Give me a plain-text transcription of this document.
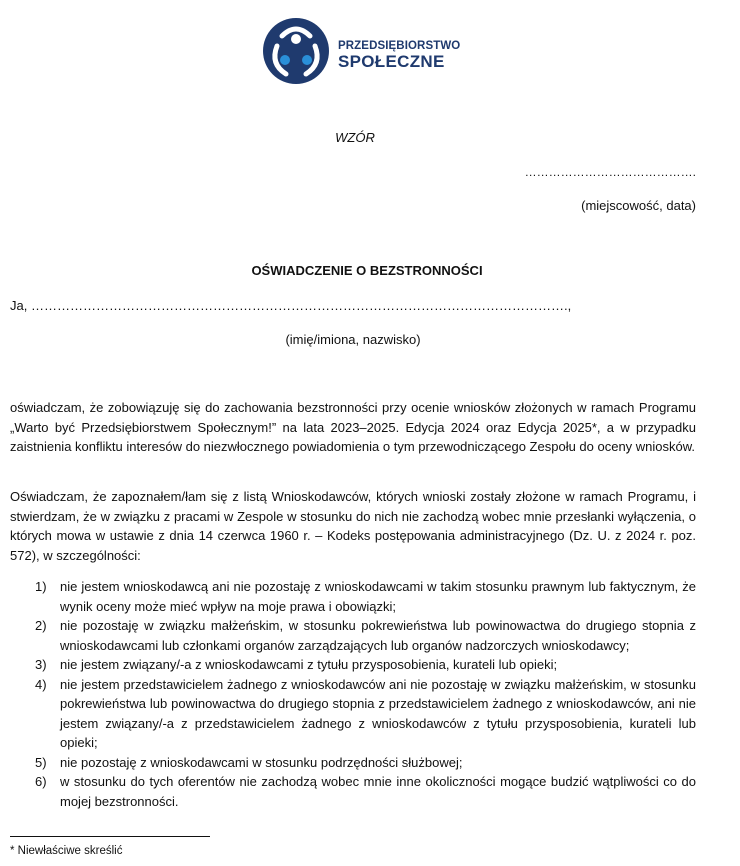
PRZEDSIĘBIORSTWO
SPOŁECZNE
WZÓR
…………………………………….
(miejscowość, data)
OŚWIADCZENIE O BEZSTRONNOŚCI
Ja, …………………………………………………………………………………………………………….,
(imię/imiona, nazwisko)
oświadczam, że zobowiązuję się do zachowania bezstronności przy ocenie wniosków złożonych w ramach Programu „Warto być Przedsiębiorstwem Społecznym!” na lata 2023–2025. Edycja 2024 oraz Edycja 2025*, a w przypadku zaistnienia konfliktu interesów do niezwłocznego powiadomienia o tym przewodniczącego Zespołu do oceny wniosków.
Oświadczam, że zapoznałem/łam się z listą Wnioskodawców, których wnioski zostały złożone w ramach Programu, i stwierdzam, że w związku z pracami w Zespole w stosunku do nich nie zachodzą wobec mnie przesłanki wyłączenia, o których mowa w ustawie z dnia 14 czerwca 1960 r. – Kodeks postępowania administracyjnego (Dz. U. z 2024 r. poz. 572), w szczególności:
1) nie jestem wnioskodawcą ani nie pozostaję z wnioskodawcami w takim stosunku prawnym lub faktycznym, że wynik oceny może mieć wpływ na moje prawa i obowiązki;
2) nie pozostaję w związku małżeńskim, w stosunku pokrewieństwa lub powinowactwa do drugiego stopnia z wnioskodawcami lub członkami organów zarządzających lub organów nadzorczych wnioskodawcy;
3) nie jestem związany/-a z wnioskodawcami z tytułu przysposobienia, kurateli lub opieki;
4) nie jestem przedstawicielem żadnego z wnioskodawców ani nie pozostaję w związku małżeńskim, w stosunku pokrewieństwa lub powinowactwa do drugiego stopnia z przedstawicielem żadnego z wnioskodawców, ani nie jestem związany/-a z przedstawicielem żadnego z wnioskodawców z tytułu przysposobienia, kurateli lub opieki;
5) nie pozostaję z wnioskodawcami w stosunku podrzędności służbowej;
6) w stosunku do tych oferentów nie zachodzą wobec mnie inne okoliczności mogące budzić wątpliwości co do mojej bezstronności.
* Niewłaściwe skreślić
